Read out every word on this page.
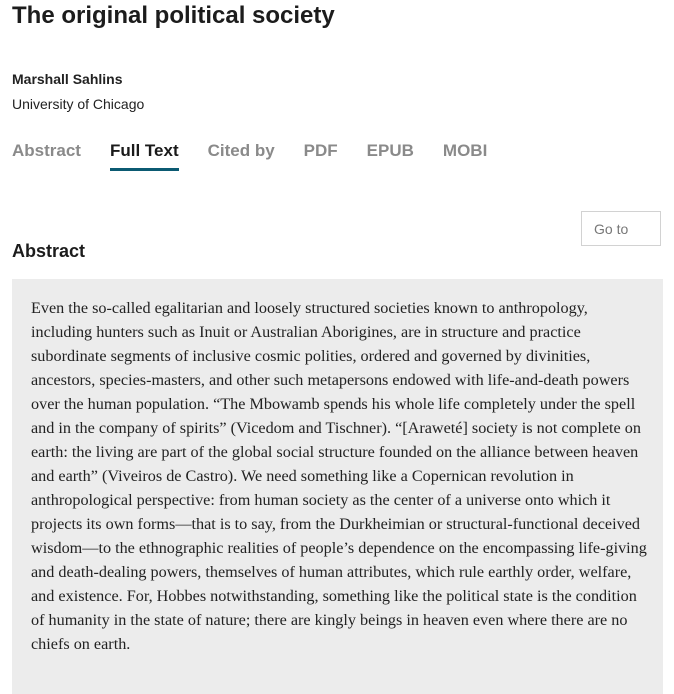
The original political society
Marshall Sahlins
University of Chicago
Abstract Full Text Cited by PDF EPUB MOBI
Go to
Abstract

Even the so-called egalitarian and loosely structured societies known to anthropology, including hunters such as Inuit or Australian Aborigines, are in structure and practice subordinate segments of inclusive cosmic polities, ordered and governed by divinities, ancestors, species-masters, and other such metapersons endowed with life-and-death powers over the human population. “The Mbowamb spends his whole life completely under the spell and in the company of spirits” (Vicedom and Tischner). “[Araweté] society is not complete on earth: the living are part of the global social structure founded on the alliance between heaven and earth” (Viveiros de Castro). We need something like a Copernican revolution in anthropological perspective: from human society as the center of a universe onto which it projects its own forms—that is to say, from the Durkheimian or structural-functional deceived wisdom—to the ethnographic realities of people’s dependence on the encompassing life-giving and death-dealing powers, themselves of human attributes, which rule earthly order, welfare, and existence. For, Hobbes notwithstanding, something like the political state is the condition of humanity in the state of nature; there are kingly beings in heaven even where there are no chiefs on earth.
